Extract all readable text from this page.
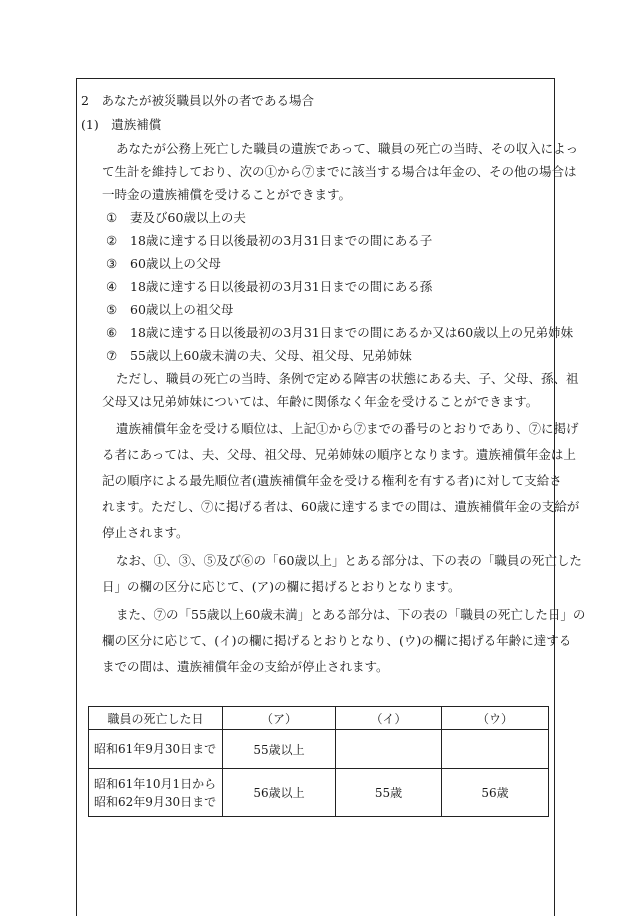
2　あなたが被災職員以外の者である場合
(1)　遺族補償
あなたが公務上死亡した職員の遺族であって、職員の死亡の当時、その収入によっ
て生計を維持しており、次の①から⑦までに該当する場合は年金の、その他の場合は
一時金の遺族補償を受けることができます。
① 妻及び60歳以上の夫
② 18歳に達する日以後最初の3月31日までの間にある子
③ 60歳以上の父母
④ 18歳に達する日以後最初の3月31日までの間にある孫
⑤ 60歳以上の祖父母
⑥ 18歳に達する日以後最初の3月31日までの間にあるか又は60歳以上の兄弟姉妹
⑦ 55歳以上60歳未満の夫、父母、祖父母、兄弟姉妹
ただし、職員の死亡の当時、条例で定める障害の状態にある夫、子、父母、孫、祖
父母又は兄弟姉妹については、年齢に関係なく年金を受けることができます。
遺族補償年金を受ける順位は、上記①から⑦までの番号のとおりであり、⑦に掲げ
る者にあっては、夫、父母、祖父母、兄弟姉妹の順序となります。遺族補償年金は上
記の順序による最先順位者(遺族補償年金を受ける権利を有する者)に対して支給さ
れます。ただし、⑦に掲げる者は、60歳に達するまでの間は、遺族補償年金の支給が
停止されます。
なお、①、③、⑤及び⑥の「60歳以上」とある部分は、下の表の「職員の死亡した
日」の欄の区分に応じて、(ア)の欄に掲げるとおりとなります。
また、⑦の「55歳以上60歳未満」とある部分は、下の表の「職員の死亡した日」の
欄の区分に応じて、(イ)の欄に掲げるとおりとなり、(ウ)の欄に掲げる年齢に達する
までの間は、遺族補償年金の支給が停止されます。
職員の死亡した日	（ア）	（イ）	（ウ）

昭和61年9月30日まで	55歳以上		

昭和61年10月1日から
昭和62年9月30日まで	56歳以上	55歳	56歳
